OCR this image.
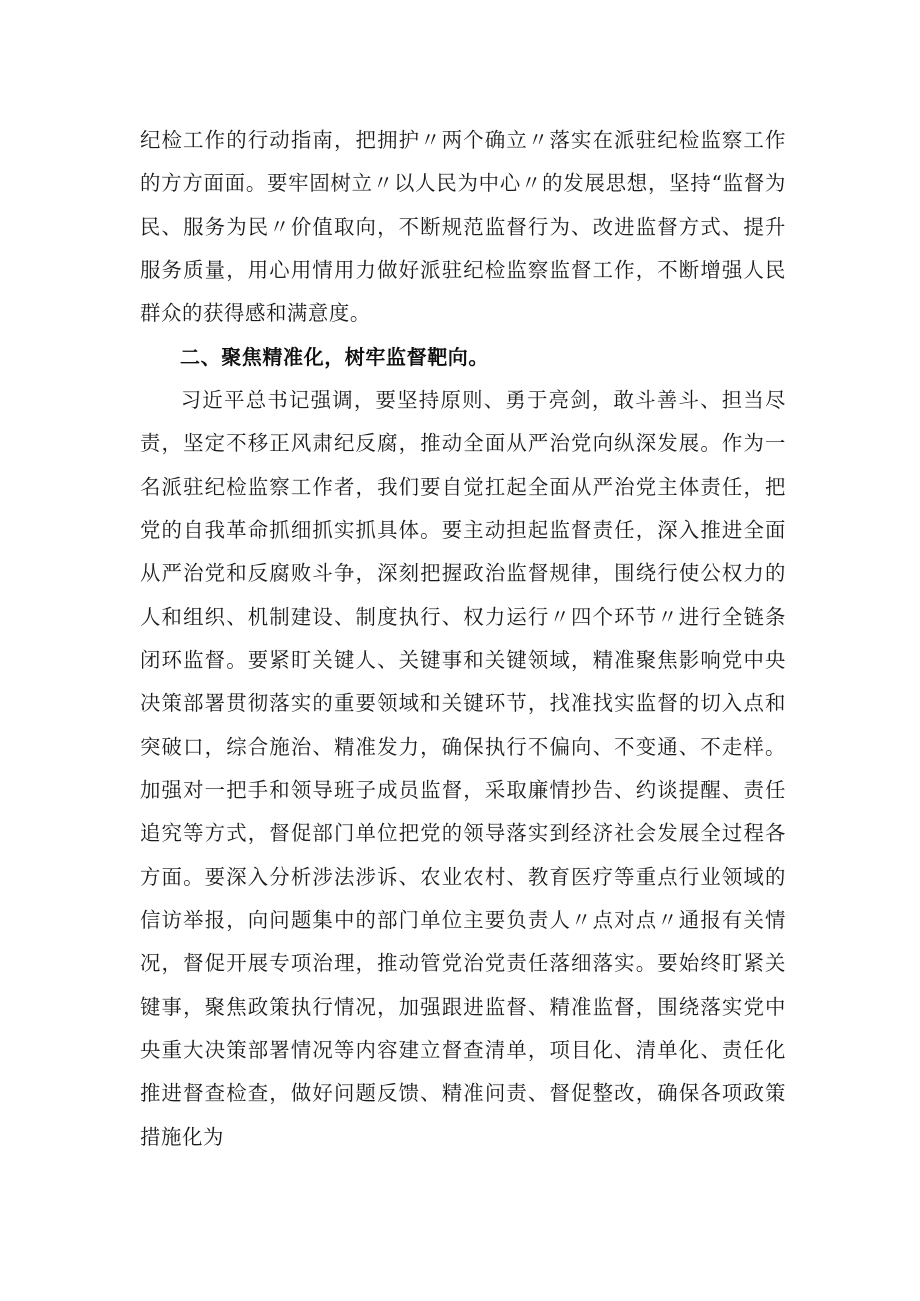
纪检工作的行动指南，把拥护〃两个确立〃落实在派驻纪检监察工作的方方面面。要牢固树立〃以人民为中心〃的发展思想，坚持“监督为民、服务为民〃价值取向，不断规范监督行为、改进监督方式、提升服务质量，用心用情用力做好派驻纪检监察监督工作，不断增强人民群众的获得感和满意度。

二、聚焦精准化，树牢监督靶向。

习近平总书记强调，要坚持原则、勇于亮剑，敢斗善斗、担当尽责，坚定不移正风肃纪反腐，推动全面从严治党向纵深发展。作为一名派驻纪检监察工作者，我们要自觉扛起全面从严治党主体责任，把党的自我革命抓细抓实抓具体。要主动担起监督责任，深入推进全面从严治党和反腐败斗争，深刻把握政治监督规律，围绕行使公权力的人和组织、机制建设、制度执行、权力运行〃四个环节〃进行全链条闭环监督。要紧盯关键人、关键事和关键领域，精准聚焦影响党中央决策部署贯彻落实的重要领域和关键环节，找准找实监督的切入点和突破口，综合施治、精准发力，确保执行不偏向、不变通、不走样。加强对一把手和领导班子成员监督，采取廉情抄告、约谈提醒、责任追究等方式，督促部门单位把党的领导落实到经济社会发展全过程各方面。要深入分析涉法涉诉、农业农村、教育医疗等重点行业领域的信访举报，向问题集中的部门单位主要负责人〃点对点〃通报有关情况，督促开展专项治理，推动管党治党责任落细落实。要始终盯紧关键事，聚焦政策执行情况，加强跟进监督、精准监督，围绕落实党中央重大决策部署情况等内容建立督查清单，项目化、清单化、责任化推进督查检查，做好问题反馈、精准问责、督促整改，确保各项政策措施化为
